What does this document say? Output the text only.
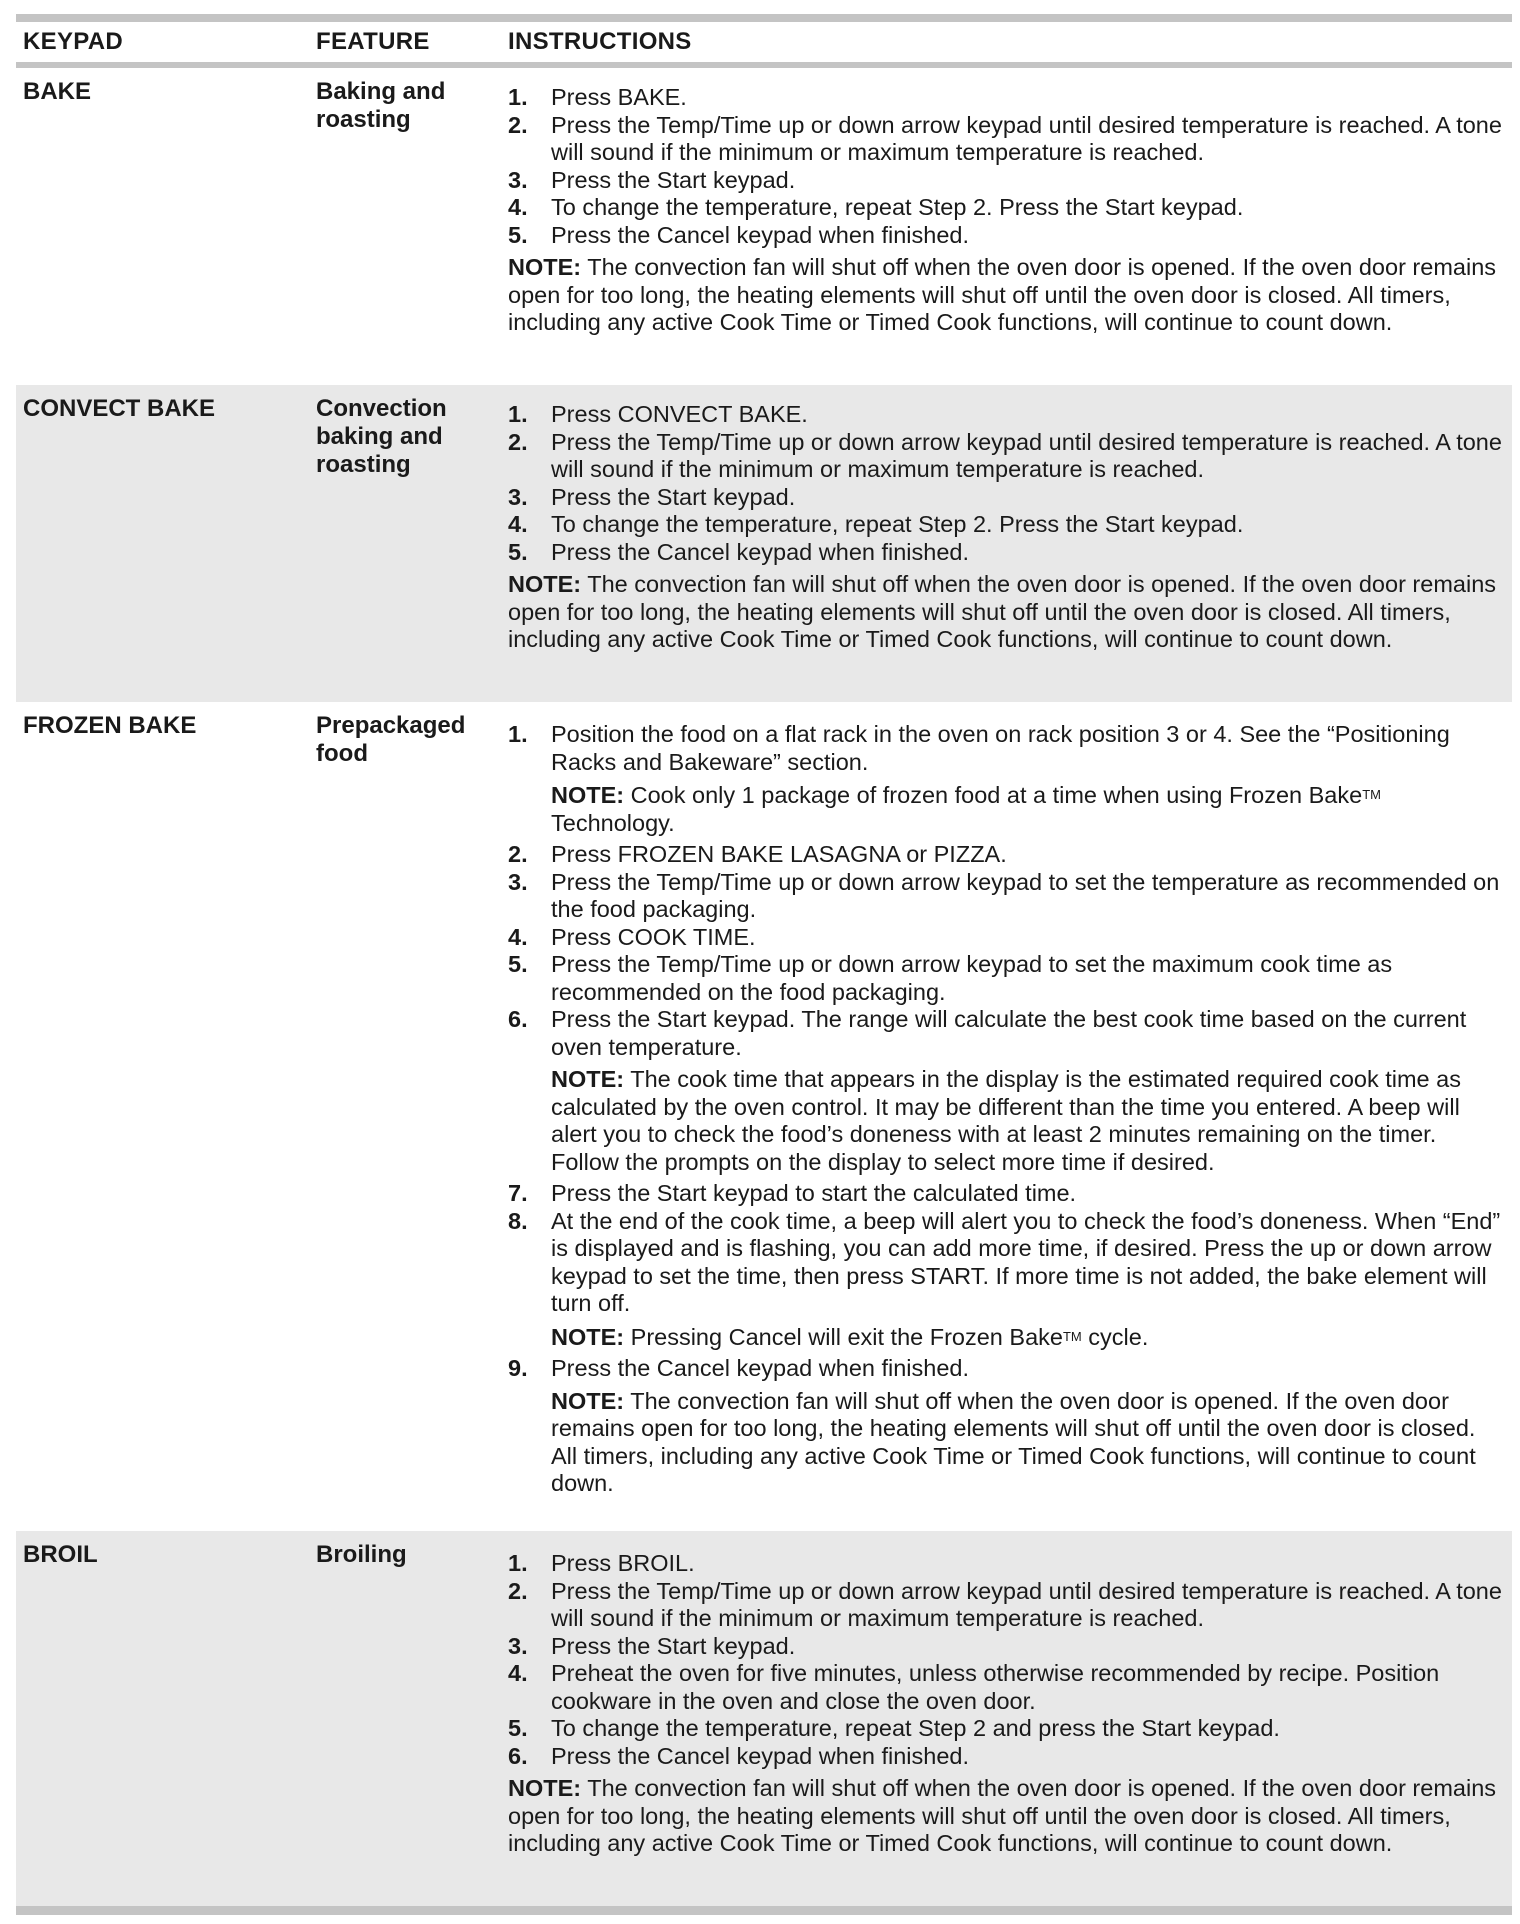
KEYPAD	FEATURE	INSTRUCTIONS
BAKE	Baking and roasting
1. Press BAKE.
2. Press the Temp/Time up or down arrow keypad until desired temperature is reached. A tone will sound if the minimum or maximum temperature is reached.
3. Press the Start keypad.
4. To change the temperature, repeat Step 2. Press the Start keypad.
5. Press the Cancel keypad when finished.
NOTE: The convection fan will shut off when the oven door is opened. If the oven door remains open for too long, the heating elements will shut off until the oven door is closed. All timers, including any active Cook Time or Timed Cook functions, will continue to count down.
CONVECT BAKE	Convection baking and roasting
1. Press CONVECT BAKE.
2. Press the Temp/Time up or down arrow keypad until desired temperature is reached. A tone will sound if the minimum or maximum temperature is reached.
3. Press the Start keypad.
4. To change the temperature, repeat Step 2. Press the Start keypad.
5. Press the Cancel keypad when finished.
NOTE: The convection fan will shut off when the oven door is opened. If the oven door remains open for too long, the heating elements will shut off until the oven door is closed. All timers, including any active Cook Time or Timed Cook functions, will continue to count down.
FROZEN BAKE	Prepackaged food
1. Position the food on a flat rack in the oven on rack position 3 or 4. See the “Positioning Racks and Bakeware” section.
NOTE: Cook only 1 package of frozen food at a time when using Frozen BakeTM Technology.
2. Press FROZEN BAKE LASAGNA or PIZZA.
3. Press the Temp/Time up or down arrow keypad to set the temperature as recommended on the food packaging.
4. Press COOK TIME.
5. Press the Temp/Time up or down arrow keypad to set the maximum cook time as recommended on the food packaging.
6. Press the Start keypad. The range will calculate the best cook time based on the current oven temperature.
NOTE: The cook time that appears in the display is the estimated required cook time as calculated by the oven control. It may be different than the time you entered. A beep will alert you to check the food’s doneness with at least 2 minutes remaining on the timer. Follow the prompts on the display to select more time if desired.
7. Press the Start keypad to start the calculated time.
8. At the end of the cook time, a beep will alert you to check the food’s doneness. When “End” is displayed and is flashing, you can add more time, if desired. Press the up or down arrow keypad to set the time, then press START. If more time is not added, the bake element will turn off.
NOTE: Pressing Cancel will exit the Frozen BakeTM cycle.
9. Press the Cancel keypad when finished.
NOTE: The convection fan will shut off when the oven door is opened. If the oven door remains open for too long, the heating elements will shut off until the oven door is closed. All timers, including any active Cook Time or Timed Cook functions, will continue to count down.
BROIL	Broiling	1. Press BROIL.
2. Press the Temp/Time up or down arrow keypad until desired temperature is reached. A tone will sound if the minimum or maximum temperature is reached.
3. Press the Start keypad.
4. Preheat the oven for five minutes, unless otherwise recommended by recipe. Position cookware in the oven and close the oven door.
5. To change the temperature, repeat Step 2 and press the Start keypad.
6. Press the Cancel keypad when finished.
NOTE: The convection fan will shut off when the oven door is opened. If the oven door remains open for too long, the heating elements will shut off until the oven door is closed. All timers, including any active Cook Time or Timed Cook functions, will continue to count down.
